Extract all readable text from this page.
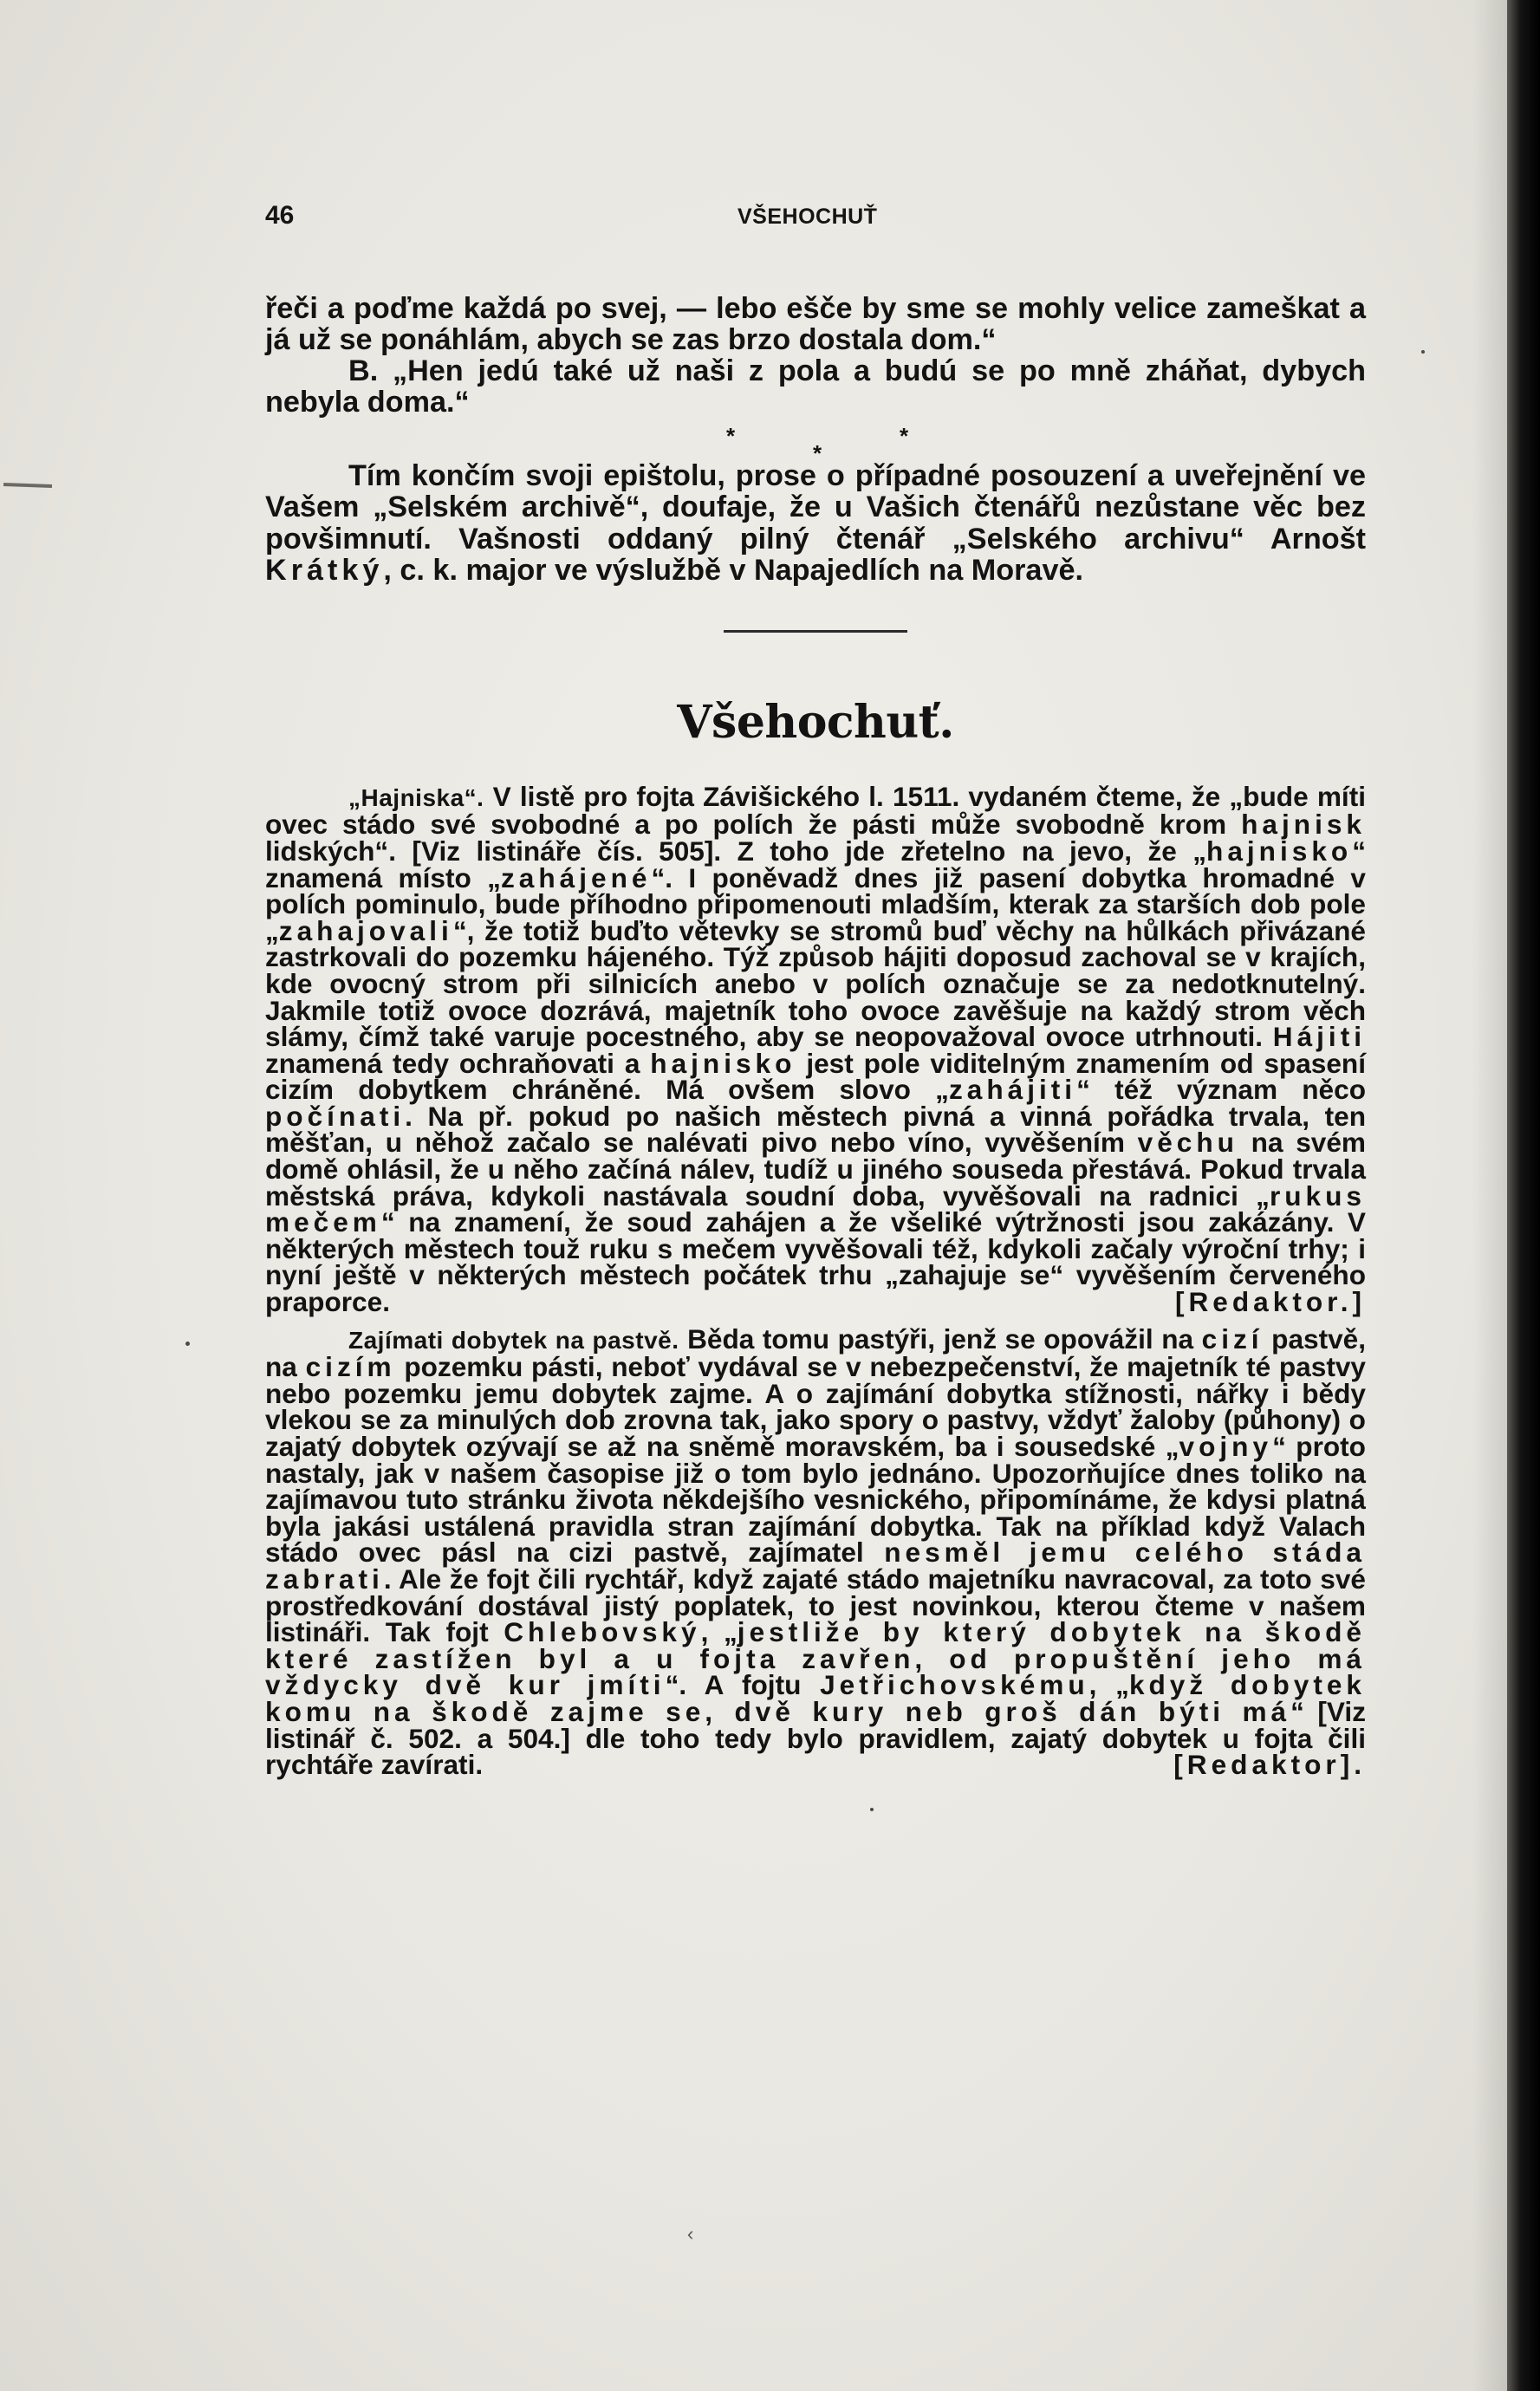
46	VŠEHOCHUŤ

řeči a poďme každá po svej, — lebo ešče by sme se mohly velice zameškat a já už se ponáhlám, abych se zas brzo dostala dom.“

B. „Hen jedú také už naši z pola a budú se po mně zháňat, dybych nebyla doma.“

*	*
*

Tím končím svoji epištolu, prose o případné posouzení a uveřejnění ve Vašem „Selském archivě“, doufaje, že u Vašich čtenářů nezůstane věc bez povšimnutí. Vašnosti oddaný pilný čtenář „Selského archivu“ Arnošt Krátký, c. k. major ve výslužbě v Napajedlích na Moravě.

Všehochuť.

„Hajniska“. V listě pro fojta Závišického l. 1511. vydaném čteme, že „bude míti ovec stádo své svobodné a po polích že pásti může svobodně krom hajnisk lidských“. [Viz listináře čís. 505]. Z toho jde zřetelno na jevo, že „hajnisko“ znamená místo „zahájené“. I poněvadž dnes již pasení dobytka hromadné v polích pominulo, bude příhodno připomenouti mladším, kterak za starších dob pole „zahajovali“, že totiž buďto větevky se stromů buď věchy na hůlkách přivázané zastrkovali do pozemku hájeného. Týž způsob hájiti doposud zachoval se v krajích, kde ovocný strom při silnicích anebo v polích označuje se za nedotknutelný. Jakmile totiž ovoce dozrává, majetník toho ovoce zavěšuje na každý strom věch slámy, čímž také varuje pocestného, aby se neopovažoval ovoce utrhnouti. Hájiti znamená tedy ochraňovati a hajnisko jest pole viditelným znamením od spasení cizím dobytkem chráněné. Má ovšem slovo „zahájiti“ též význam něco počínati. Na př. pokud po našich městech pivná a vinná pořádka trvala, ten měšťan, u něhož začalo se nalévati pivo nebo víno, vyvěšením věchu na svém domě ohlásil, že u něho začíná nálev, tudíž u jiného souseda přestává. Pokud trvala městská práva, kdykoli nastávala soudní doba, vyvěšovali na radnici „rukus mečem“ na znamení, že soud zahájen a že všeliké výtržnosti jsou zakázány. V některých městech touž ruku s mečem vyvěšovali též, kdykoli začaly výroční trhy; i nyní ještě v některých městech počátek trhu „zahajuje se“ vyvěšením červeného praporce.	[Redaktor.]

Zajímati dobytek na pastvě. Běda tomu pastýři, jenž se opovážil na cizí pastvě, na cizím pozemku pásti, neboť vydával se v nebezpečenství, že majetník té pastvy nebo pozemku jemu dobytek zajme. A o zajímání dobytka stížnosti, nářky i bědy vlekou se za minulých dob zrovna tak, jako spory o pastvy, vždyť žaloby (půhony) o zajatý dobytek ozývají se až na sněmě moravském, ba i sousedské „vojny“ proto nastaly, jak v našem časopise již o tom bylo jednáno. Upozorňujíce dnes toliko na zajímavou tuto stránku života někdejšího vesnického, připomínáme, že kdysi platná byla jakási ustálená pravidla stran zajímání dobytka. Tak na příklad když Valach stádo ovec pásl na cizi pastvě, zajímatel nesměl jemu celého stáda zabrati. Ale že fojt čili rychtář, když zajaté stádo majetníku navracoval, za toto své prostředkování dostával jistý poplatek, to jest novinkou, kterou čteme v našem listináři. Tak fojt Chlebovský, „jestliže by který dobytek na škodě které zastížen byl a u fojta zavřen, od propuštění jeho má vždycky dvě kur jmíti“. A fojtu Jetřichovskému, „když dobytek komu na škodě zajme se, dvě kury neb groš dán býti má“ [Viz listinář č. 502. a 504.] dle toho tedy bylo pravidlem, zajatý dobytek u fojta čili rychtáře zavírati.	[Redaktor].

‹
